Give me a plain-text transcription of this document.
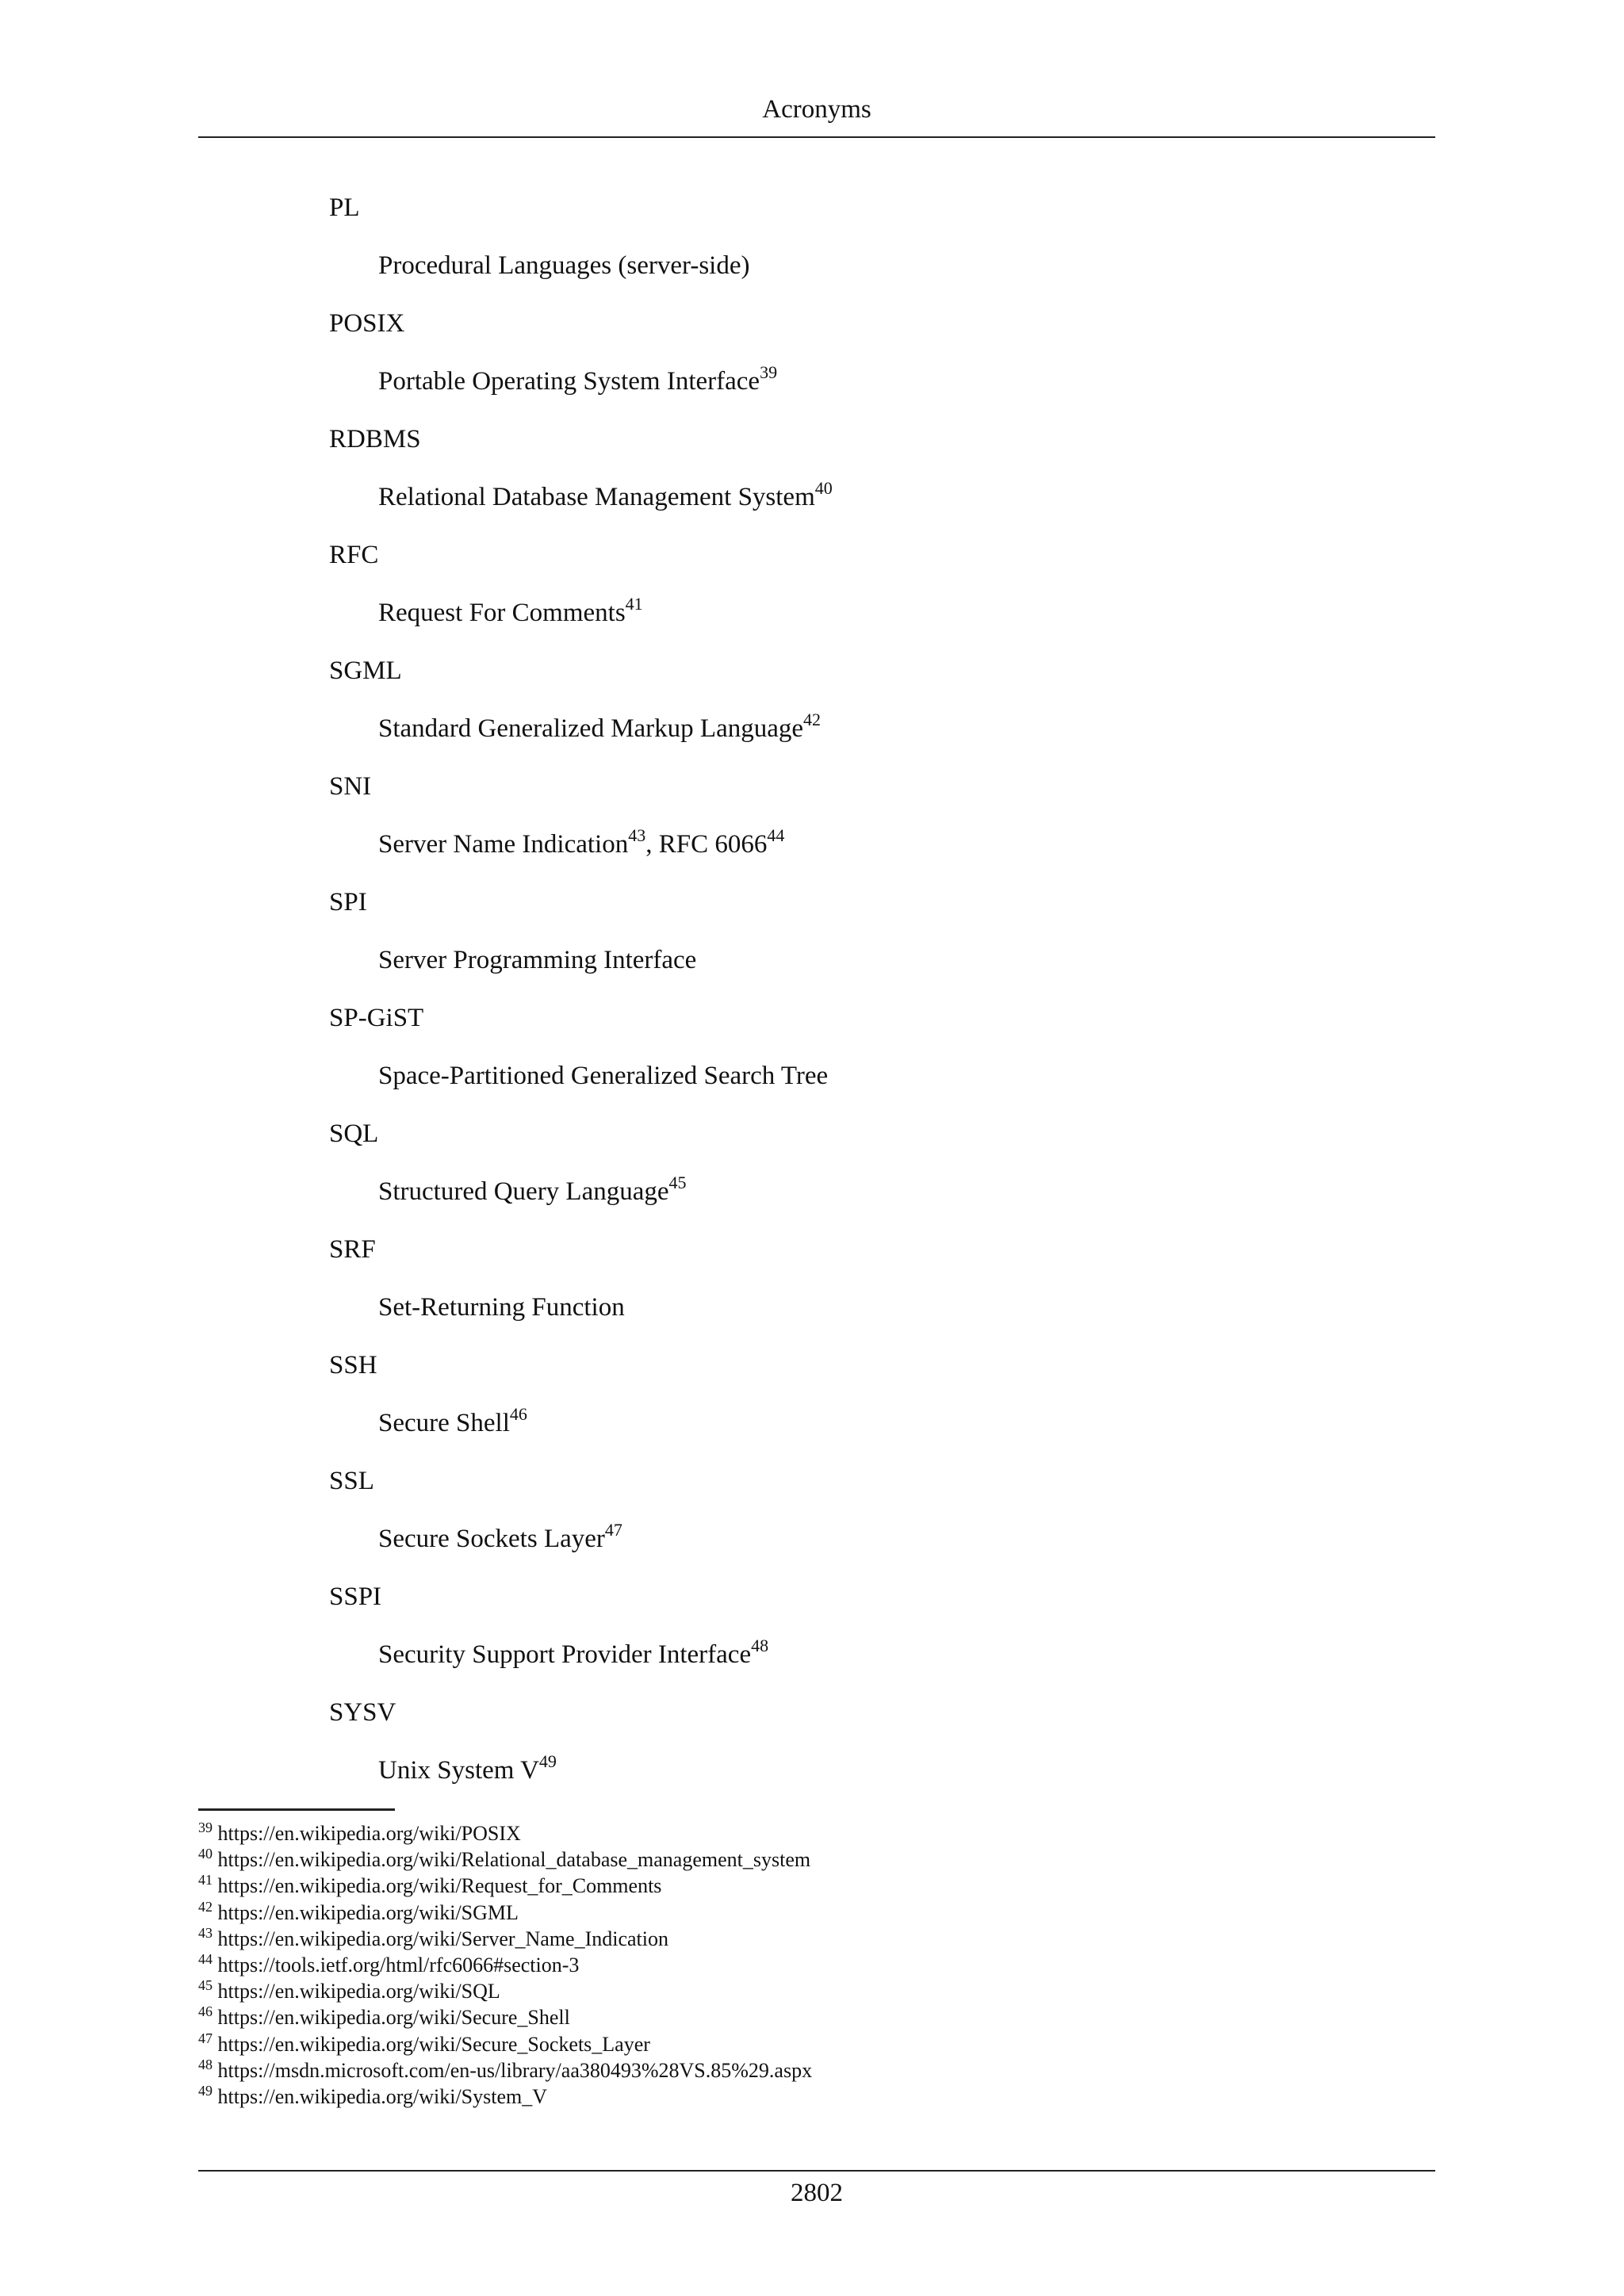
Acronyms
PL
Procedural Languages (server-side)
POSIX
Portable Operating System Interface$^{39}$
RDBMS
Relational Database Management System$^{40}$
RFC
Request For Comments$^{41}$
SGML
Standard Generalized Markup Language$^{42}$
SNI
Server Name Indication$^{43}$, RFC 6066$^{44}$
SPI
Server Programming Interface
SP-GiST
Space-Partitioned Generalized Search Tree
SQL
Structured Query Language$^{45}$
SRF
Set-Returning Function
SSH
Secure Shell$^{46}$
SSL
Secure Sockets Layer$^{47}$
SSPI
Security Support Provider Interface$^{48}$
SYSV
Unix System $V^{49}$
$^{39}$ https://en.wikipedia.org/wiki/POSIX
$^{40}$ https://en.wikipedia.org/wiki/Relational_database_management_system
$^{41}$ https://en.wikipedia.org/wiki/Request_for_Comments
$^{42}$ https://en.wikipedia.org/wiki/SGML
$^{43}$ https://en.wikipedia.org/wiki/Server_Name_Indication
$^{44}$ https://tools.ietf.org/html/rfc6066#section-3
$^{45}$ https://en.wikipedia.org/wiki/SQL
$^{46}$ https://en.wikipedia.org/wiki/Secure_Shell
$^{47}$ https://en.wikipedia.org/wiki/Secure_Sockets_Layer
$^{48}$ https://msdn.microsoft.com/en-us/library/aa380493%28VS.85%29.aspx
$^{49}$ https://en.wikipedia.org/wiki/System_V
2802
